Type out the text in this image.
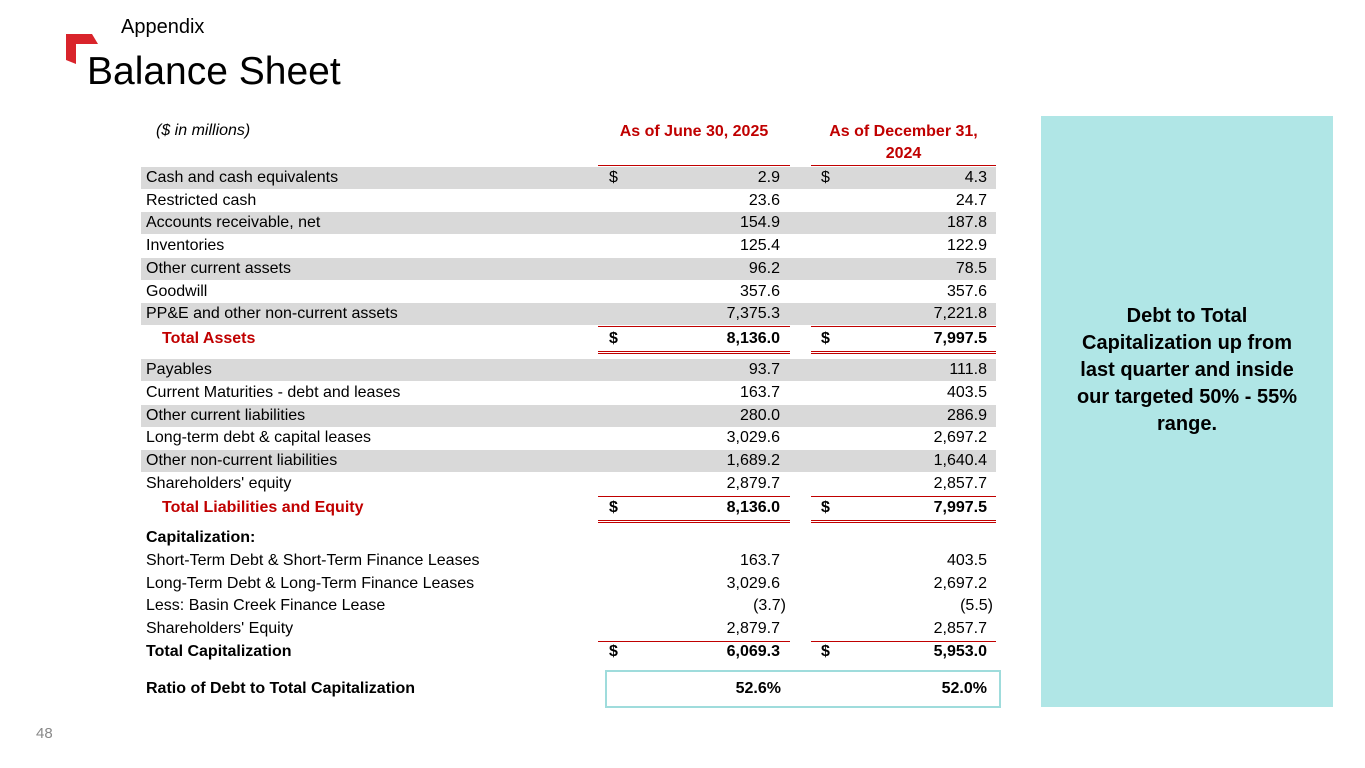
Appendix
Balance Sheet
($ in millions)	As of June 30, 2025	As of December 31, 2024
Cash and cash equivalents	$	2.9	$	4.3
Restricted cash	23.6	24.7
Accounts receivable, net	154.9	187.8
Inventories	125.4	122.9
Other current assets	96.2	78.5
Goodwill	357.6	357.6
PP&E and other non-current assets	7,375.3	7,221.8
Total Assets	$	8,136.0	$	7,997.5
Payables	93.7	111.8
Current Maturities - debt and leases	163.7	403.5
Other current liabilities	280.0	286.9
Long-term debt & capital leases	3,029.6	2,697.2
Other non-current liabilities	1,689.2	1,640.4
Shareholders' equity	2,879.7	2,857.7
Total Liabilities and Equity	$	8,136.0	$	7,997.5
Capitalization:
Short-Term Debt & Short-Term Finance Leases	163.7	403.5
Long-Term Debt & Long-Term Finance Leases	3,029.6	2,697.2
Less: Basin Creek Finance Lease	(3.7)	(5.5)
Shareholders' Equity	2,879.7	2,857.7
Total Capitalization	$	6,069.3	$	5,953.0
Ratio of Debt to Total Capitalization	52.6%	52.0%
Debt to Total Capitalization up from last quarter and inside our targeted 50% - 55% range.
48
